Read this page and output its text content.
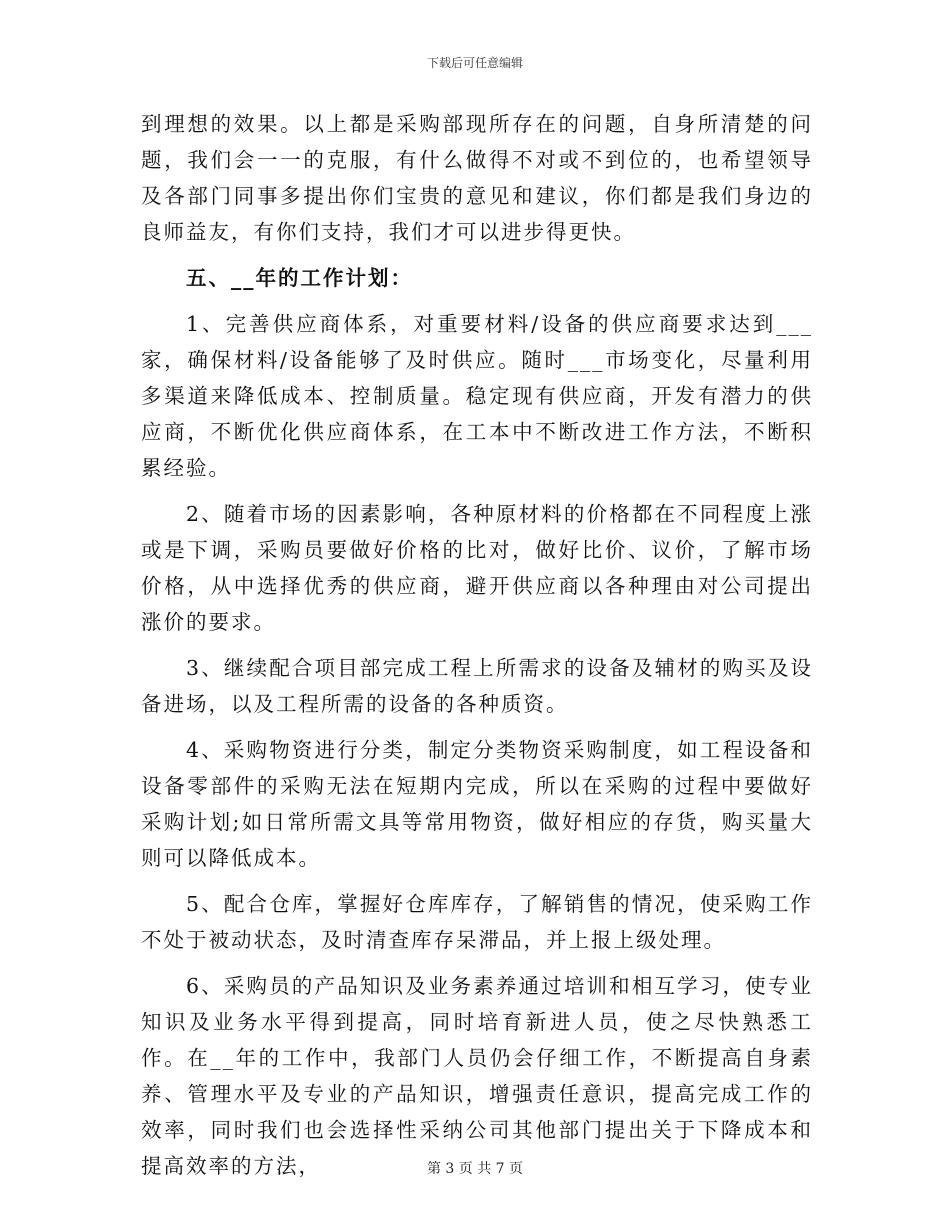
下载后可任意编辑

到理想的效果。以上都是采购部现所存在的问题，自身所清楚的问题，我们会一一的克服，有什么做得不对或不到位的，也希望领导及各部门同事多提出你们宝贵的意见和建议，你们都是我们身边的良师益友，有你们支持，我们才可以进步得更快。

五、__年的工作计划：

1、完善供应商体系，对重要材料/设备的供应商要求达到___家，确保材料/设备能够了及时供应。随时___市场变化，尽量利用多渠道来降低成本、控制质量。稳定现有供应商，开发有潜力的供应商，不断优化供应商体系，在工本中不断改进工作方法，不断积累经验。

2、随着市场的因素影响，各种原材料的价格都在不同程度上涨或是下调，采购员要做好价格的比对，做好比价、议价，了解市场价格，从中选择优秀的供应商，避开供应商以各种理由对公司提出涨价的要求。

3、继续配合项目部完成工程上所需求的设备及辅材的购买及设备进场，以及工程所需的设备的各种质资。

4、采购物资进行分类，制定分类物资采购制度，如工程设备和设备零部件的采购无法在短期内完成，所以在采购的过程中要做好采购计划;如日常所需文具等常用物资，做好相应的存货，购买量大则可以降低成本。

5、配合仓库，掌握好仓库库存，了解销售的情况，使采购工作不处于被动状态，及时清查库存呆滞品，并上报上级处理。

6、采购员的产品知识及业务素养通过培训和相互学习，使专业知识及业务水平得到提高，同时培育新进人员，使之尽快熟悉工作。在__年的工作中，我部门人员仍会仔细工作，不断提高自身素养、管理水平及专业的产品知识，增强责任意识，提高完成工作的效率，同时我们也会选择性采纳公司其他部门提出关于下降成本和提高效率的方法，	第 3 页 共 7 页
